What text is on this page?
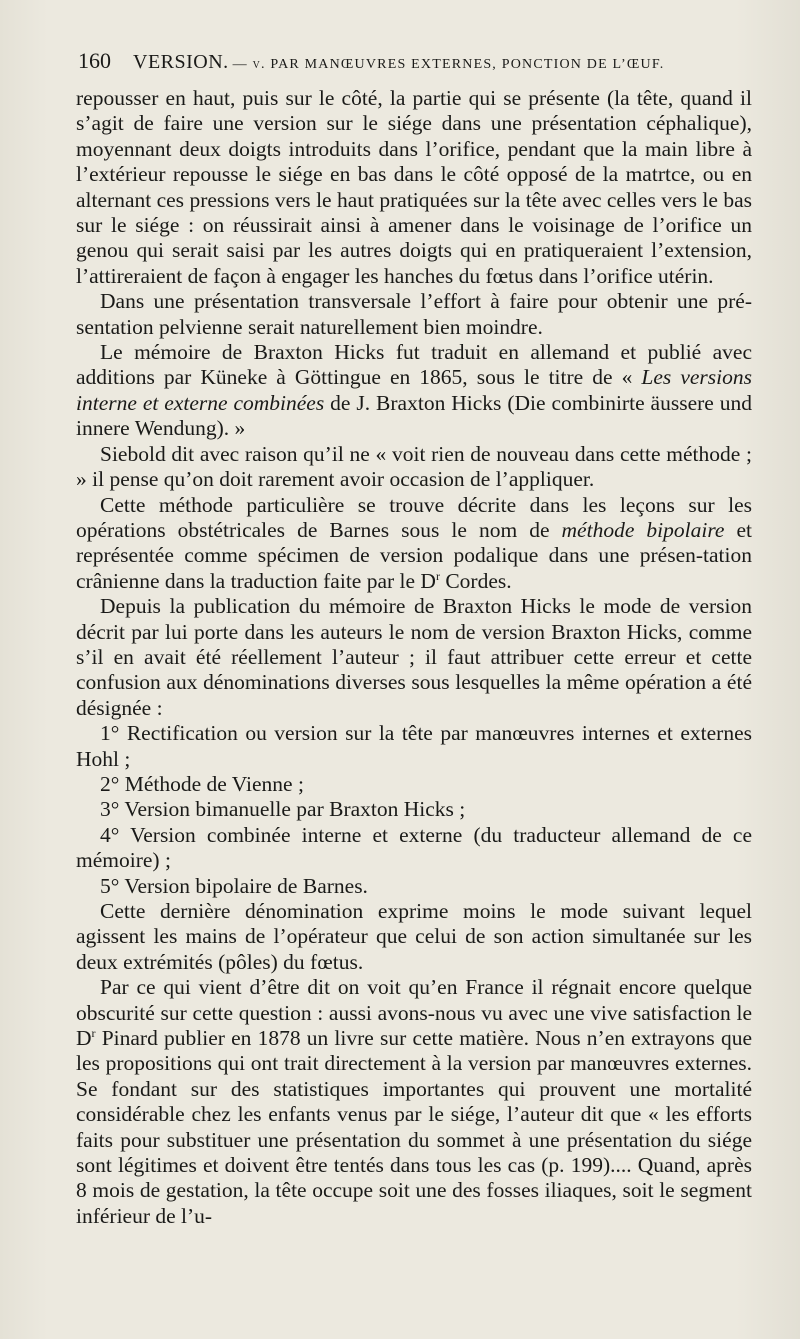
160 VERSION. — v. PAR MANŒUVRES EXTERNES, PONCTION DE L’ŒUF.

repousser en haut, puis sur le côté, la partie qui se présente (la tête, quand il s’agit de faire une version sur le siége dans une présentation céphalique), moyennant deux doigts introduits dans l’orifice, pendant que la main libre à l’extérieur repousse le siége en bas dans le côté opposé de la matrtce, ou en alternant ces pressions vers le haut pratiquées sur la tête avec celles vers le bas sur le siége : on réussirait ainsi à amener dans le voisinage de l’orifice un genou qui serait saisi par les autres doigts qui en pratiqueraient l’extension, l’attireraient de façon à engager les hanches du fœtus dans l’orifice utérin.

Dans une présentation transversale l’effort à faire pour obtenir une pré-sentation pelvienne serait naturellement bien moindre.

Le mémoire de Braxton Hicks fut traduit en allemand et publié avec additions par Küneke à Göttingue en 1865, sous le titre de « Les versions interne et externe combinées de J. Braxton Hicks (Die combinirte äussere und innere Wendung). »

Siebold dit avec raison qu’il ne « voit rien de nouveau dans cette méthode ; » il pense qu’on doit rarement avoir occasion de l’appliquer.

Cette méthode particulière se trouve décrite dans les leçons sur les opérations obstétricales de Barnes sous le nom de méthode bipolaire et représentée comme spécimen de version podalique dans une présen-tation crânienne dans la traduction faite par le $D^r$ Cordes.

Depuis la publication du mémoire de Braxton Hicks le mode de version décrit par lui porte dans les auteurs le nom de version Braxton Hicks, comme s’il en avait été réellement l’auteur ; il faut attribuer cette erreur et cette confusion aux dénominations diverses sous lesquelles la même opération a été désignée :

1° Rectification ou version sur la tête par manœuvres internes et externes Hohl ;

2° Méthode de Vienne ;

3° Version bimanuelle par Braxton Hicks ;

4° Version combinée interne et externe (du traducteur allemand de ce mémoire) ;

5° Version bipolaire de Barnes.

Cette dernière dénomination exprime moins le mode suivant lequel agissent les mains de l’opérateur que celui de son action simultanée sur les deux extrémités (pôles) du fœtus.

Par ce qui vient d’être dit on voit qu’en France il régnait encore quelque obscurité sur cette question : aussi avons-nous vu avec une vive satisfaction le $D^r$ Pinard publier en 1878 un livre sur cette matière. Nous n’en extrayons que les propositions qui ont trait directement à la version par manœuvres externes. Se fondant sur des statistiques importantes qui prouvent une mortalité considérable chez les enfants venus par le siége, l’auteur dit que « les efforts faits pour substituer une présentation du sommet à une présentation du siége sont légitimes et doivent être tentés dans tous les cas (p. 199).... Quand, après 8 mois de gestation, la tête occupe soit une des fosses iliaques, soit le segment inférieur de l’u-
